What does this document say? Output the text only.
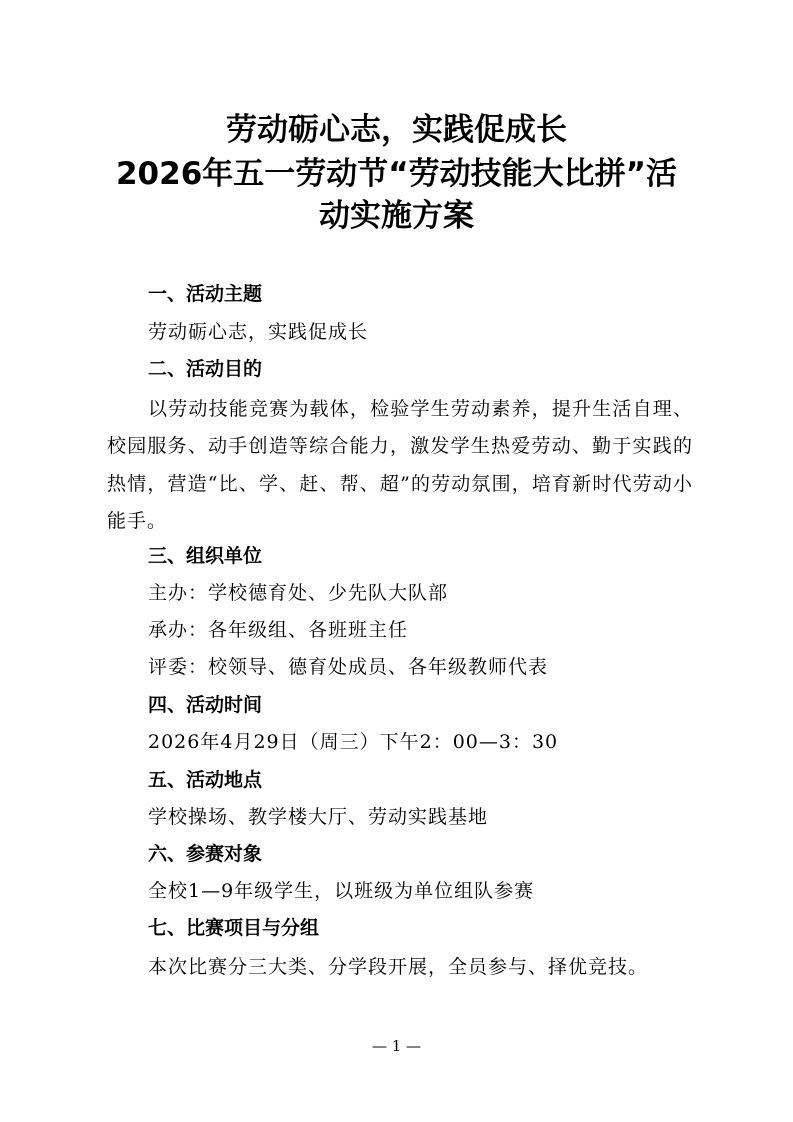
劳动砺心志，实践促成长
2026年五一劳动节“劳动技能大比拼”活
动实施方案
一、活动主题
劳动砺心志，实践促成长
二、活动目的
以劳动技能竞赛为载体，检验学生劳动素养，提升生活自理、校园服务、动手创造等综合能力，激发学生热爱劳动、勤于实践的热情，营造“比、学、赶、帮、超”的劳动氛围，培育新时代劳动小能手。
三、组织单位
主办：学校德育处、少先队大队部
承办：各年级组、各班班主任
评委：校领导、德育处成员、各年级教师代表
四、活动时间
2026年4月29日（周三）下午2：00—3：30
五、活动地点
学校操场、教学楼大厅、劳动实践基地
六、参赛对象
全校1—9年级学生，以班级为单位组队参赛
七、比赛项目与分组
本次比赛分三大类、分学段开展，全员参与、择优竞技。
— 1 —
